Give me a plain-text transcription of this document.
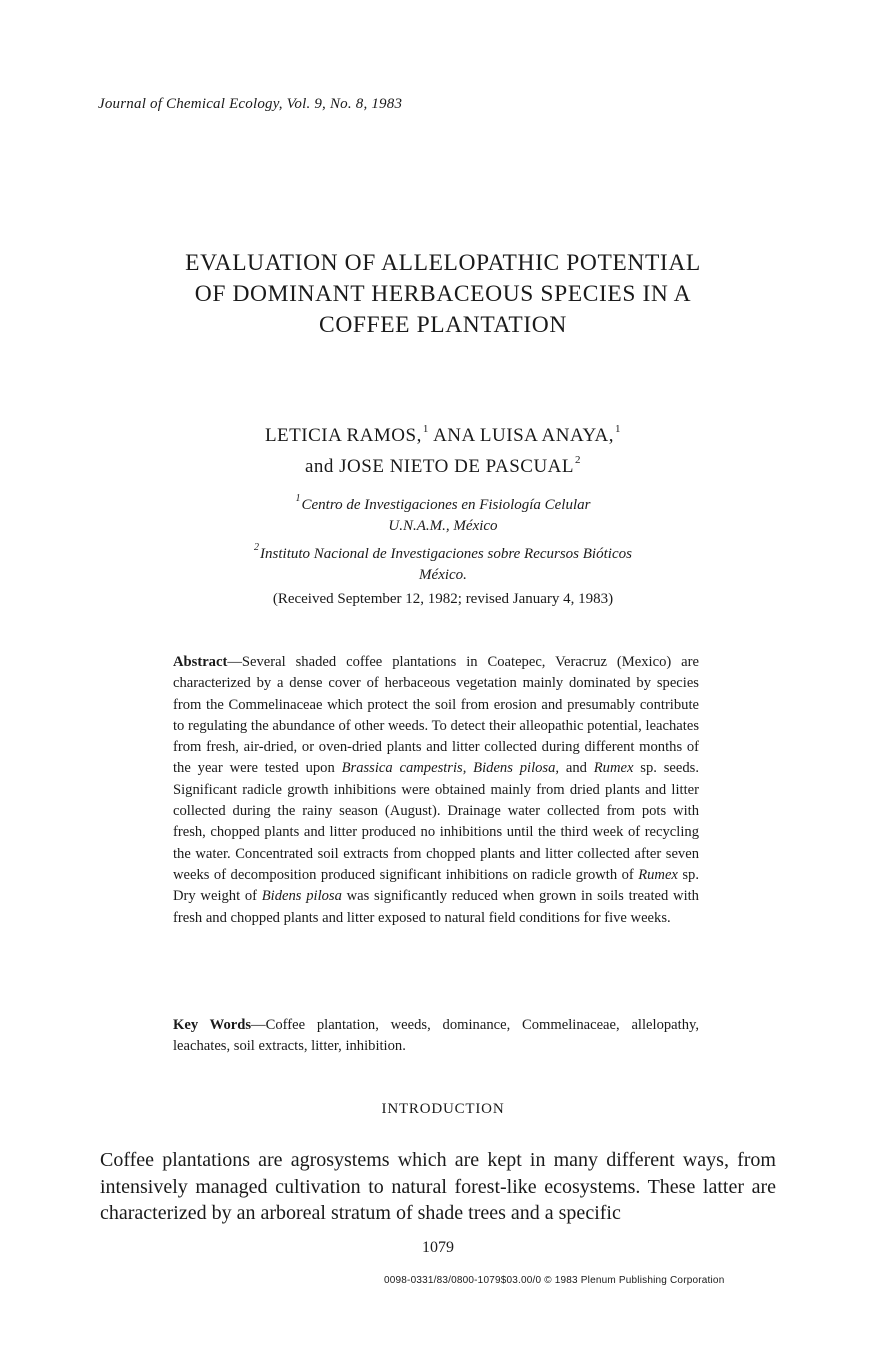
Journal of Chemical Ecology, Vol. 9, No. 8, 1983
EVALUATION OF ALLELOPATHIC POTENTIAL
OF DOMINANT HERBACEOUS SPECIES IN A
COFFEE PLANTATION
LETICIA RAMOS,$^1$ ANA LUISA ANAYA,$^1$
and JOSE NIETO DE PASCUAL$^2$
$^1$Centro de Investigaciones en Fisiología Celular
U.N.A.M., México
$^2$Instituto Nacional de Investigaciones sobre Recursos Bióticos
México.
(Received September 12, 1982; revised January 4, 1983)

Abstract—Several shaded coffee plantations in Coatepec, Veracruz (Mexico) are characterized by a dense cover of herbaceous vegetation mainly dominated by species from the Commelinaceae which protect the soil from erosion and presumably contribute to regulating the abundance of other weeds. To detect their alleopathic potential, leachates from fresh, air-dried, or oven-dried plants and litter collected during different months of the year were tested upon Brassica campestris, Bidens pilosa, and Rumex sp. seeds. Significant radicle growth inhibitions were obtained mainly from dried plants and litter collected during the rainy season (August). Drainage water collected from pots with fresh, chopped plants and litter produced no inhibitions until the third week of recycling the water. Concentrated soil extracts from chopped plants and litter collected after seven weeks of decomposition produced significant inhibitions on radicle growth of Rumex sp. Dry weight of Bidens pilosa was significantly reduced when grown in soils treated with fresh and chopped plants and litter exposed to natural field conditions for five weeks.

Key Words—Coffee plantation, weeds, dominance, Commelinaceae, allelopathy, leachates, soil extracts, litter, inhibition.

INTRODUCTION

Coffee plantations are agrosystems which are kept in many different ways, from intensively managed cultivation to natural forest-like ecosystems. These latter are characterized by an arboreal stratum of shade trees and a specific

1079
0098-0331/83/0800-1079$03.00/0 © 1983 Plenum Publishing Corporation
